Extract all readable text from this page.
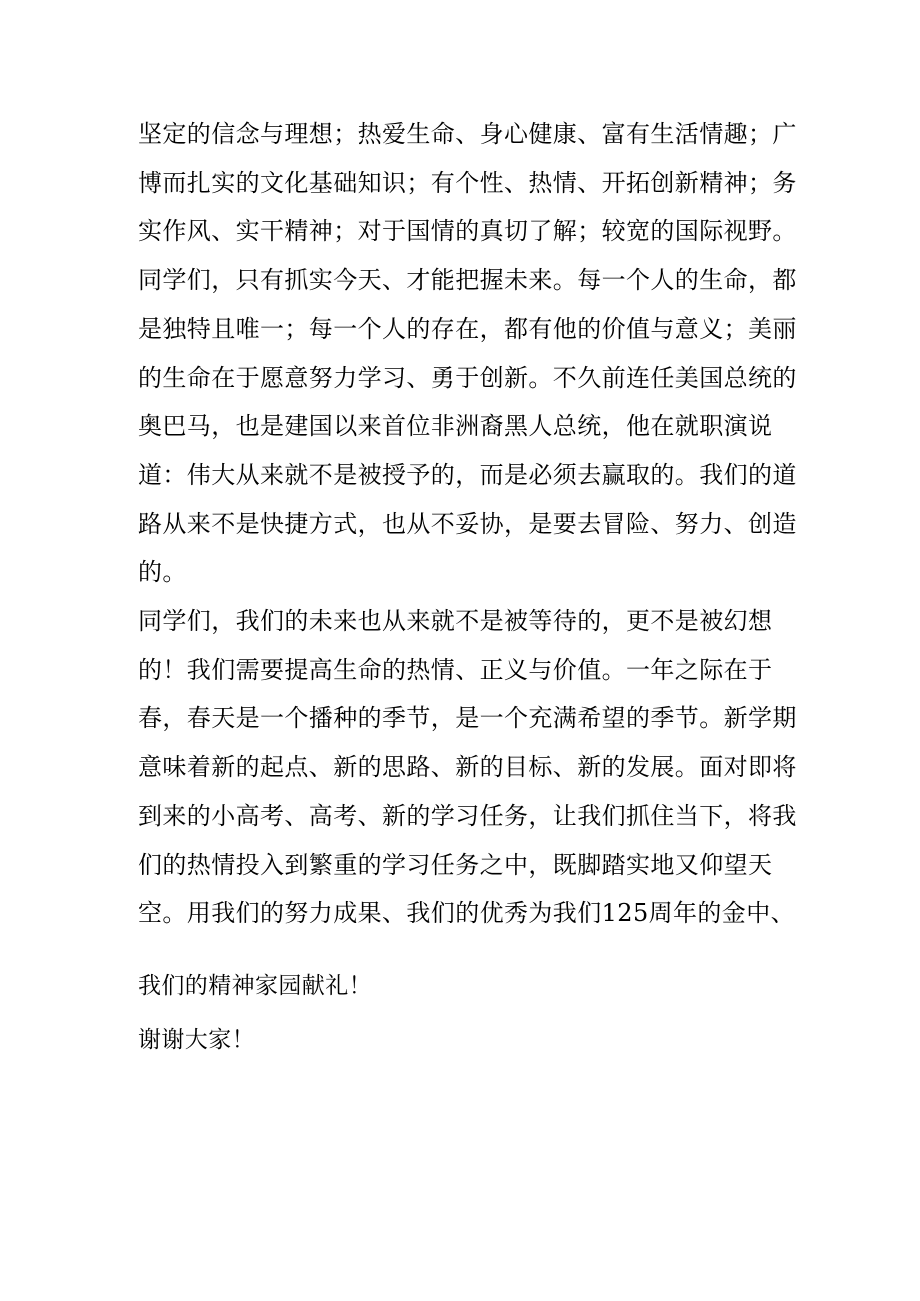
坚定的信念与理想；热爱生命、身心健康、富有生活情趣；广博而扎实的文化基础知识；有个性、热情、开拓创新精神；务实作风、实干精神；对于国情的真切了解；较宽的国际视野。同学们，只有抓实今天、才能把握未来。每一个人的生命，都是独特且唯一；每一个人的存在，都有他的价值与意义；美丽的生命在于愿意努力学习、勇于创新。不久前连任美国总统的奥巴马，也是建国以来首位非洲裔黑人总统，他在就职演说道：伟大从来就不是被授予的，而是必须去赢取的。我们的道路从来不是快捷方式，也从不妥协，是要去冒险、努力、创造的。
同学们，我们的未来也从来就不是被等待的，更不是被幻想的！我们需要提高生命的热情、正义与价值。一年之际在于春，春天是一个播种的季节，是一个充满希望的季节。新学期意味着新的起点、新的思路、新的目标、新的发展。面对即将到来的小高考、高考、新的学习任务，让我们抓住当下，将我们的热情投入到繁重的学习任务之中，既脚踏实地又仰望天空。用我们的努力成果、我们的优秀为我们125周年的金中、
我们的精神家园献礼！
谢谢大家！
